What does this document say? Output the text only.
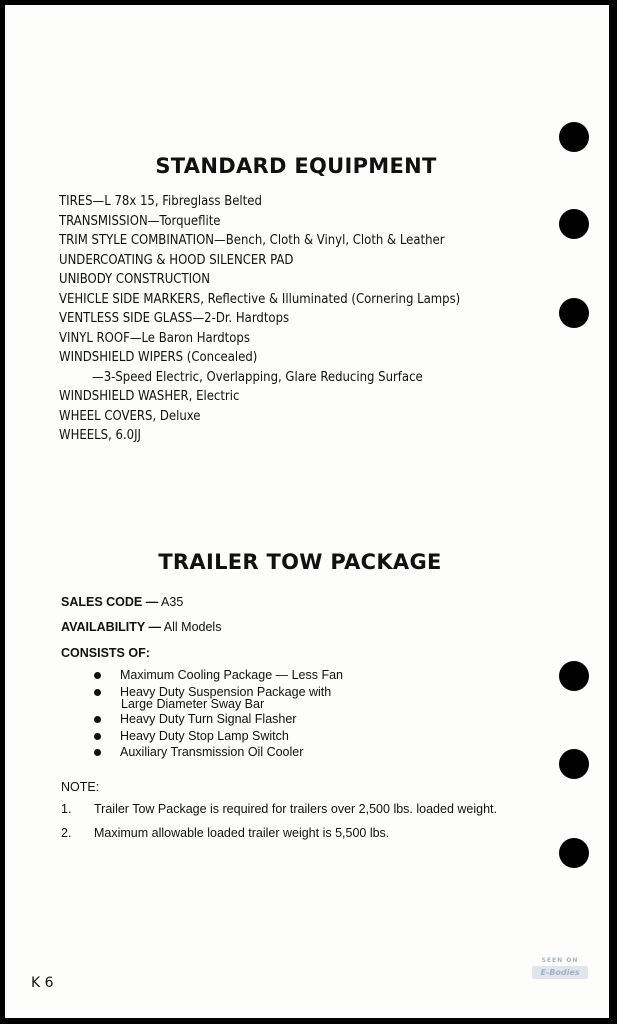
STANDARD EQUIPMENT
TIRES—L 78x 15, Fibreglass Belted
TRANSMISSION—Torqueflite
TRIM STYLE COMBINATION—Bench, Cloth & Vinyl, Cloth & Leather
UNDERCOATING & HOOD SILENCER PAD
UNIBODY CONSTRUCTION
VEHICLE SIDE MARKERS, Reflective & Illuminated (Cornering Lamps)
VENTLESS SIDE GLASS—2-Dr. Hardtops
VINYL ROOF—Le Baron Hardtops
WINDSHIELD WIPERS (Concealed)
—3-Speed Electric, Overlapping, Glare Reducing Surface
WINDSHIELD WASHER, Electric
WHEEL COVERS, Deluxe
WHEELS, 6.0JJ
TRAILER TOW PACKAGE
SALES CODE — A35
AVAILABILITY — All Models
CONSISTS OF:
Maximum Cooling Package — Less Fan
Heavy Duty Suspension Package with
Large Diameter Sway Bar
Heavy Duty Turn Signal Flasher
Heavy Duty Stop Lamp Switch
Auxiliary Transmission Oil Cooler
NOTE:
1. Trailer Tow Package is required for trailers over 2,500 lbs. loaded weight.
2. Maximum allowable loaded trailer weight is 5,500 lbs.
K 6
SEEN ON
E-Bodies
